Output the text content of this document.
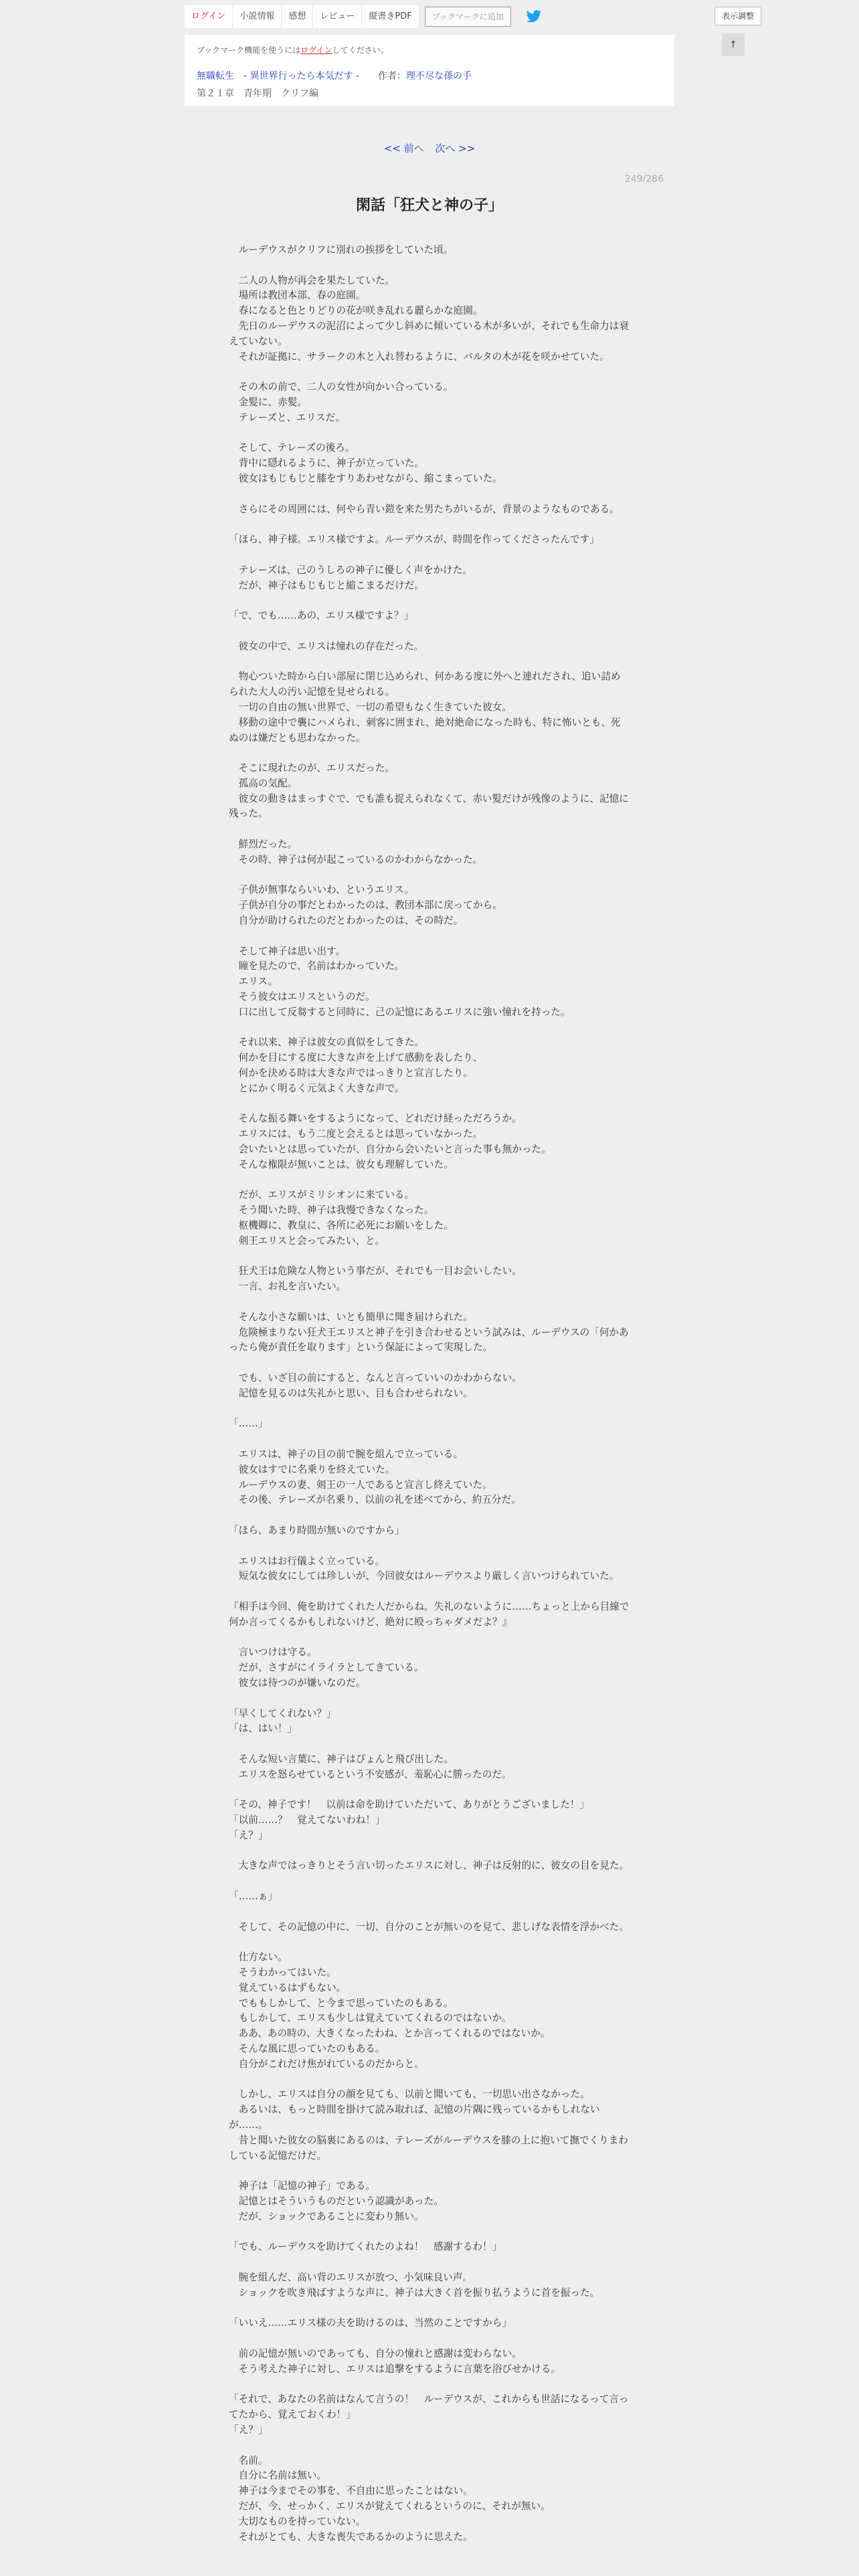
ログイン	小説情報	感想	レビュー	縦書きPDF	ブックマークに追加	表示調整
↑
ブックマーク機能を使うにはログインしてください。
無職転生　- 異世界行ったら本気だす - 作者：理不尽な孫の手
第２１章　青年期　クリフ編
<< 前へ 次へ >>
249/286
閑話「狂犬と神の子」
　ルーデウスがクリフに別れの挨拶をしていた頃。
　二人の人物が再会を果たしていた。
　場所は教団本部、春の庭園。
　春になると色とりどりの花が咲き乱れる麗らかな庭園。
　先日のルーデウスの泥沼によって少し斜めに傾いている木が多いが、それでも生命力は衰えていない。
　それが証拠に、サラークの木と入れ替わるように、バルタの木が花を咲かせていた。
　その木の前で、二人の女性が向かい合っている。
　金髪に、赤髪。
　テレーズと、エリスだ。
　そして、テレーズの後ろ。
　背中に隠れるように、神子が立っていた。
　彼女はもじもじと膝をすりあわせながら、縮こまっていた。
　さらにその周囲には、何やら青い鎧を来た男たちがいるが、背景のようなものである。
「ほら、神子様。エリス様ですよ。ルーデウスが、時間を作ってくださったんです」
　テレーズは、己のうしろの神子に優しく声をかけた。
　だが、神子はもじもじと縮こまるだけだ。
「で、でも……あの、エリス様ですよ？」
　彼女の中で、エリスは憧れの存在だった。
　物心ついた時から白い部屋に閉じ込められ、何かある度に外へと連れだされ、追い詰められた大人の汚い記憶を見せられる。
　一切の自由の無い世界で、一切の希望もなく生きていた彼女。
　移動の途中で襲にハメられ、刺客に囲まれ、絶対絶命になった時も、特に怖いとも、死ぬのは嫌だとも思わなかった。
　そこに現れたのが、エリスだった。
　孤高の気配。
　彼女の動きはまっすぐで、でも誰も捉えられなくて、赤い髪だけが残像のように、記憶に残った。
　鮮烈だった。
　その時、神子は何が起こっているのかわからなかった。
　子供が無事ならいいわ、というエリス。
　子供が自分の事だとわかったのは、教団本部に戻ってから。
　自分が助けられたのだとわかったのは、その時だ。
　そして神子は思い出す。
　瞳を見たので、名前はわかっていた。
　エリス。
　そう彼女はエリスというのだ。
　口に出して反芻すると同時に、己の記憶にあるエリスに強い憧れを持った。
　それ以来、神子は彼女の真似をしてきた。
　何かを目にする度に大きな声を上げて感動を表したり、
　何かを決める時は大きな声ではっきりと宣言したり。
　とにかく明るく元気よく大きな声で。
　そんな振る舞いをするようになって、どれだけ経っただろうか。
　エリスには、もう二度と会えるとは思っていなかった。
　会いたいとは思っていたが、自分から会いたいと言った事も無かった。
　そんな権限が無いことは、彼女も理解していた。
　だが、エリスがミリシオンに来ている。
　そう聞いた時、神子は我慢できなくなった。
　枢機卿に、教皇に、各所に必死にお願いをした。
　剣王エリスと会ってみたい、と。
　狂犬王は危険な人物という事だが、それでも一目お会いしたい。
　一言、お礼を言いたい。
　そんな小さな願いは、いとも簡単に聞き届けられた。
　危険極まりない狂犬王エリスと神子を引き合わせるという試みは、ルーデウスの「何かあったら俺が責任を取ります」という保証によって実現した。
　でも、いざ目の前にすると、なんと言っていいのかわからない。
　記憶を見るのは失礼かと思い、目も合わせられない。
「……」
　エリスは、神子の目の前で腕を組んで立っている。
　彼女はすでに名乗りを終えていた。
　ルーデウスの妻、剣王の一人であると宣言し終えていた。
　その後、テレーズが名乗り、以前の礼を述べてから、約五分だ。
「ほら、あまり時間が無いのですから」
　エリスはお行儀よく立っている。
　短気な彼女にしては珍しいが、今回彼女はルーデウスより厳しく言いつけられていた。
『相手は今回、俺を助けてくれた人だからね。失礼のないように……ちょっと上から目線で何か言ってくるかもしれないけど、絶対に殴っちゃダメだよ？』
　言いつけは守る。
　だが、さすがにイライラとしてきている。
　彼女は待つのが嫌いなのだ。
「早くしてくれない？」
「は、はい！」
　そんな短い言葉に、神子はぴょんと飛び出した。
　エリスを怒らせているという不安感が、羞恥心に勝ったのだ。
「その、神子です！　以前は命を助けていただいて、ありがとうございました！」
「以前……？　覚えてないわね！」
「え？」
　大きな声ではっきりとそう言い切ったエリスに対し、神子は反射的に、彼女の目を見た。
「……ぁ」
　そして、その記憶の中に、一切、自分のことが無いのを見て、悲しげな表情を浮かべた。
　仕方ない。
　そうわかってはいた。
　覚えているはずもない。
　でももしかして、と今まで思っていたのもある。
　もしかして、エリスも少しは覚えていてくれるのではないか。
　ああ、あの時の、大きくなったわね、とか言ってくれるのではないか。
　そんな風に思っていたのもある。
　自分がこれだけ焦がれているのだからと。
　しかし、エリスは自分の顔を見ても、以前と聞いても、一切思い出さなかった。
　あるいは、もっと時間を掛けて読み取れば、記憶の片隅に残っているかもしれないが……。
　昔と聞いた彼女の脳裏にあるのは、テレーズがルーデウスを膝の上に抱いて撫でくりまわしている記憶だけだ。
　神子は「記憶の神子」である。
　記憶とはそういうものだという認識があった。
　だが、ショックであることに変わり無い。
「でも、ルーデウスを助けてくれたのよね！　感謝するわ！」
　腕を組んだ、高い背のエリスが放つ、小気味良い声。
　ショックを吹き飛ばすような声に、神子は大きく首を振り払うように首を振った。
「いいえ……エリス様の夫を助けるのは、当然のことですから」
　前の記憶が無いのであっても、自分の憧れと感謝は変わらない。
　そう考えた神子に対し、エリスは追撃をするように言葉を浴びせかける。
「それで、あなたの名前はなんて言うの！　ルーデウスが、これからも世話になるって言ってたから、覚えておくわ！」
「え？」
　名前。
　自分に名前は無い。
　神子は今までその事を、不自由に思ったことはない。
　だが、今、せっかく、エリスが覚えてくれるというのに、それが無い。
　大切なものを持っていない。
　それがとても、大きな喪失であるかのように思えた。
